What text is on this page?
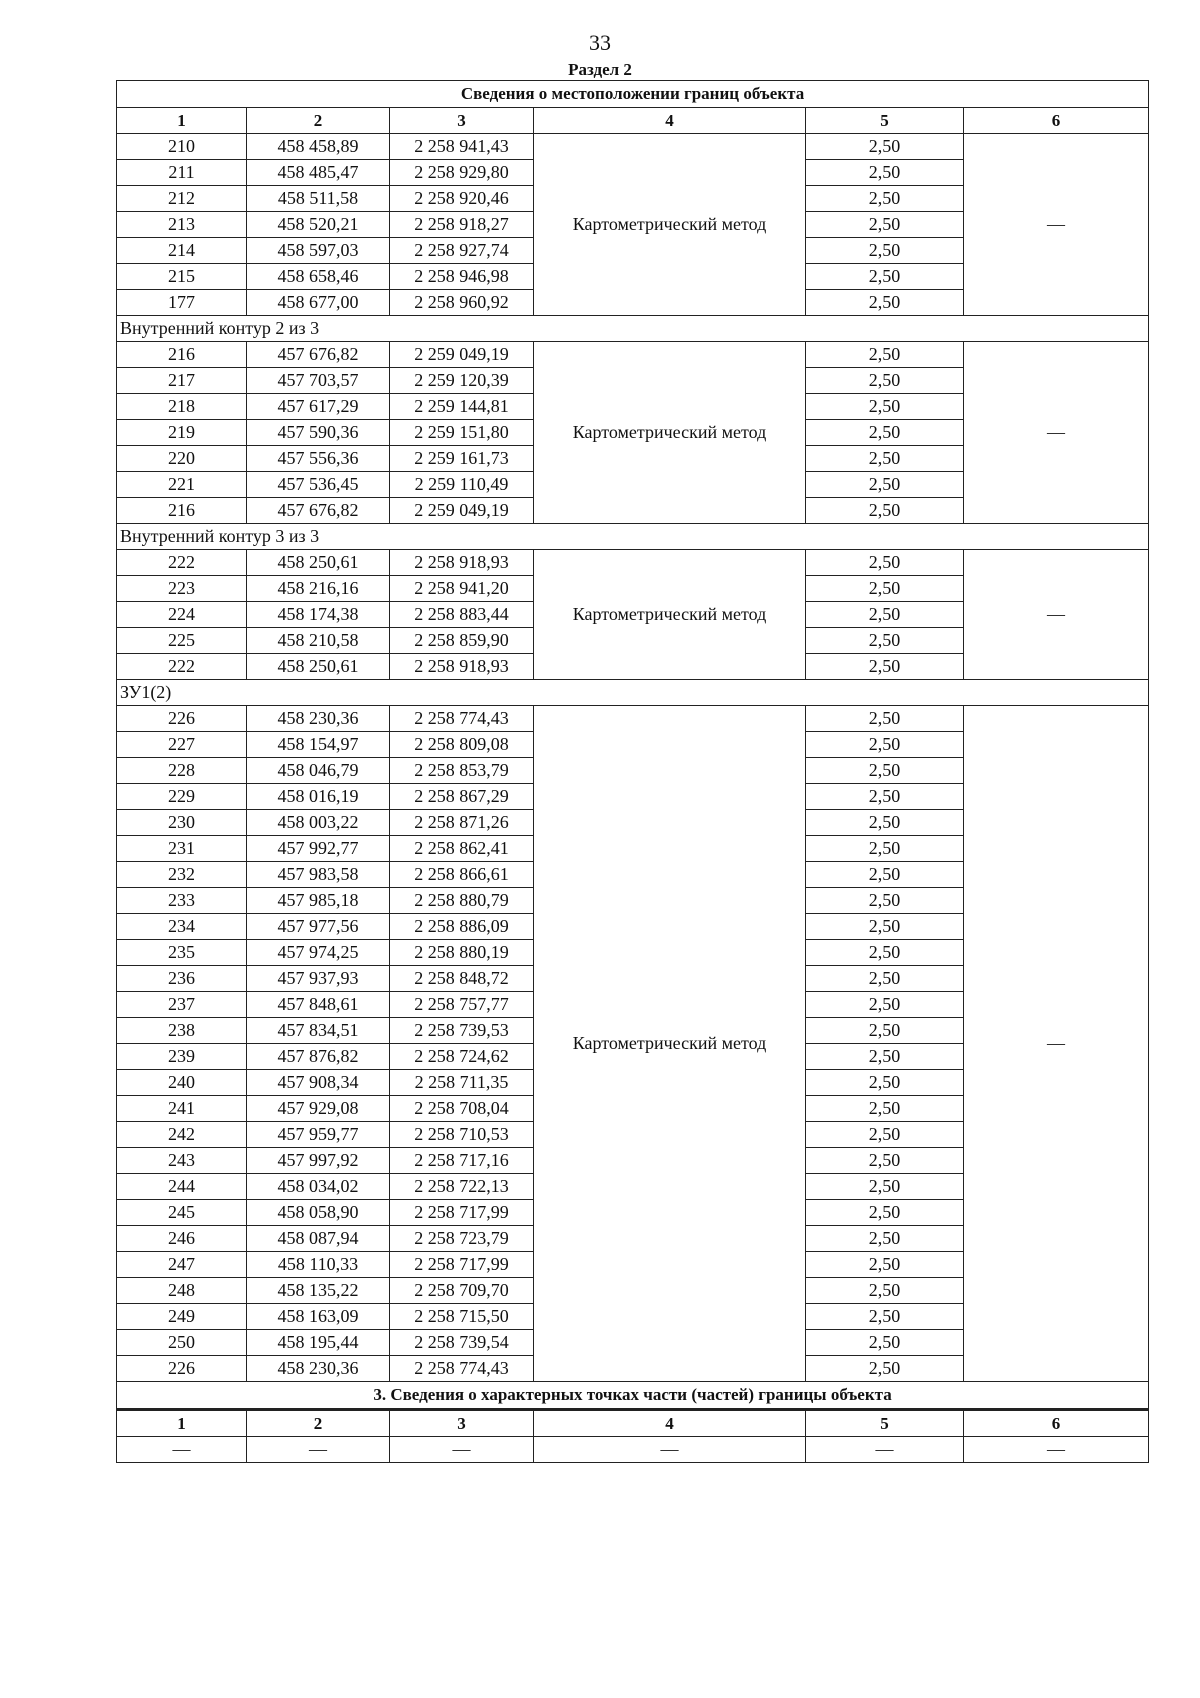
33
Раздел 2
Сведения о местоположении границ объекта					
1	2	3	4	5	6
210	458 458,89	2 258 941,43	Картометрический метод	2,50	—
211	458 485,47	2 258 929,80		2,50	
212	458 511,58	2 258 920,46		2,50	
213	458 520,21	2 258 918,27		2,50	
214	458 597,03	2 258 927,74		2,50	
215	458 658,46	2 258 946,98		2,50	
177	458 677,00	2 258 960,92		2,50	
Внутренний контур 2 из 3					
216	457 676,82	2 259 049,19	Картометрический метод	2,50	—
217	457 703,57	2 259 120,39		2,50	
218	457 617,29	2 259 144,81		2,50	
219	457 590,36	2 259 151,80		2,50	
220	457 556,36	2 259 161,73		2,50	
221	457 536,45	2 259 110,49		2,50	
216	457 676,82	2 259 049,19		2,50	
Внутренний контур 3 из 3					
222	458 250,61	2 258 918,93	Картометрический метод	2,50	—
223	458 216,16	2 258 941,20		2,50	
224	458 174,38	2 258 883,44		2,50	
225	458 210,58	2 258 859,90		2,50	
222	458 250,61	2 258 918,93		2,50	
ЗУ1(2)					
226	458 230,36	2 258 774,43	Картометрический метод	2,50	—
227	458 154,97	2 258 809,08		2,50	
228	458 046,79	2 258 853,79		2,50	
229	458 016,19	2 258 867,29		2,50	
230	458 003,22	2 258 871,26		2,50	
231	457 992,77	2 258 862,41		2,50	
232	457 983,58	2 258 866,61		2,50	
233	457 985,18	2 258 880,79		2,50	
234	457 977,56	2 258 886,09		2,50	
235	457 974,25	2 258 880,19		2,50	
236	457 937,93	2 258 848,72		2,50	
237	457 848,61	2 258 757,77		2,50	
238	457 834,51	2 258 739,53		2,50	
239	457 876,82	2 258 724,62		2,50	
240	457 908,34	2 258 711,35		2,50	
241	457 929,08	2 258 708,04		2,50	
242	457 959,77	2 258 710,53		2,50	
243	457 997,92	2 258 717,16		2,50	
244	458 034,02	2 258 722,13		2,50	
245	458 058,90	2 258 717,99		2,50	
246	458 087,94	2 258 723,79		2,50	
247	458 110,33	2 258 717,99		2,50	
248	458 135,22	2 258 709,70		2,50	
249	458 163,09	2 258 715,50		2,50	
250	458 195,44	2 258 739,54		2,50	
226	458 230,36	2 258 774,43		2,50	
3. Сведения о характерных точках части (частей) границы объекта					
1	2	3	4	5	6
—	—	—	—	—	—
